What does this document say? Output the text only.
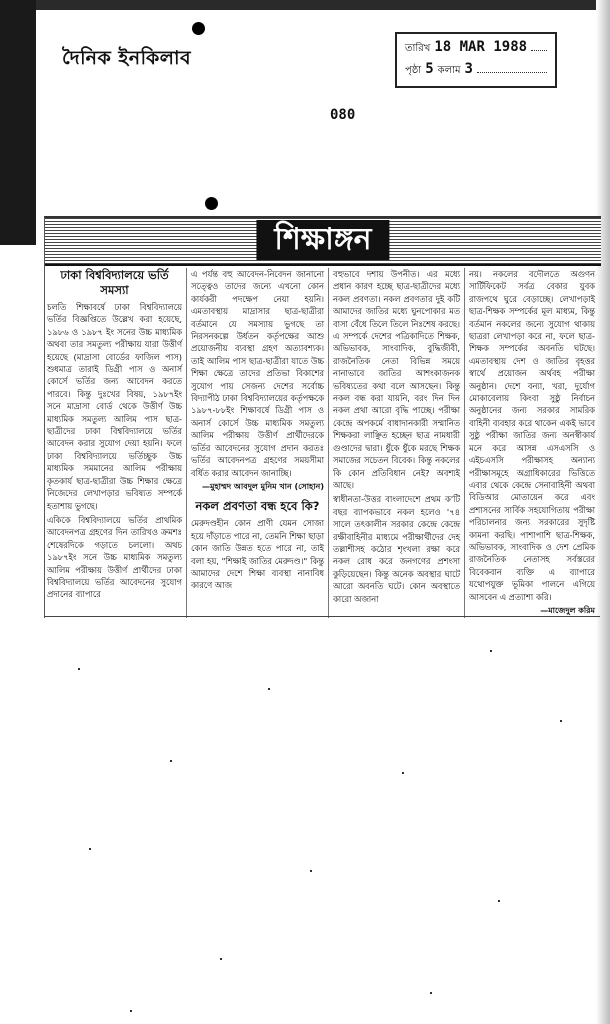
দৈনিক ইনকিলাব	তারিখ 18 MAR 1988
পৃষ্ঠা 5 কলাম 3
080
শিক্ষাঙ্গন
ঢাকা বিশ্ববিদ্যালয়ে ভর্তি সমস্যা

চলতি শিক্ষাবর্ষে ঢাকা বিশ্ববিদ্যালয়ে ভর্তির বিজ্ঞপ্তিতে উল্লেখ করা হয়েছে, ১৯৮৬ ও ১৯৮৭ ইং সনের উচ্চ মাধ্যমিক অথবা তার সমতুল্য পরীক্ষায় যারা উত্তীর্ণ হয়েছে (মাদ্রাসা বোর্ডের ফাজিল পাস) শুধমাত্র তারাই ডিগ্রী পাস ও অনার্স কোর্সে ভর্তির জন্য আবেদন করতে পারবে। কিন্তু দুঃখের বিষয়, ১৯৮৭ইং সনে মাদ্রাসা বোর্ড থেকে উত্তীর্ণ উচ্চ মাধ্যমিক সমতুল্য আলিম পাস ছাত্র-ছাত্রীদের ঢাকা বিশ্ববিদ্যালয়ে ভর্তির আবেদন করার সুযোগ দেয়া হয়নি। ফলে ঢাকা বিশ্ববিদ্যালয়ে ভর্তিচ্ছুক উচ্চ মাধ্যমিক সমমানের আলিম পরীক্ষায় কৃতকার্য ছাত্র-ছাত্রীরা উচ্চ শিক্ষার ক্ষেত্রে নিজেদের লেখাপড়ার ভবিষ্যত সম্পর্কে হতাশায় ভুগছে।

একিকে বিশ্ববিদ্যালয়ে ভর্তির প্রাথমিক আবেদনপত্র গ্রহণের দিন তারিখও ক্রমশঃ শেষেরদিকে গড়াতে চললো। অথচ ১৯৮৭ইং সনে উচ্চ মাধ্যমিক সমতুল্য আলিম পরীক্ষায় উত্তীর্ণ প্রার্থীদের ঢাকা বিশ্ববিদ্যালয়ে ভর্তির আবেদনের সুযোগ প্রদানের ব্যাপারে

এ পর্যন্ত বহু আবেদন-নিবেদন জানানো সত্ত্বেও তাদের জন্যে এখনো কোন কার্যকরী পদক্ষেপ নেয়া হয়নি। এমতাবস্থায় মাদ্রাসার ছাত্র-ছাত্রীরা বর্তমানে যে সমস্যায় ভুগছে তা নিরসনকল্পে উর্ধতন কর্তৃপক্ষের আশু প্রয়োজনীয় ব্যবস্থা গ্রহণ অত্যাবশ্যক। তাই আলিম পাস ছাত্র-ছাত্রীরা যাতে উচ্চ শিক্ষা ক্ষেত্রে তাদের প্রতিভা বিকাশের সুযোগ পায় সেজন্য দেশের সর্বোচ্চ বিদ্যাপীঠ ঢাকা বিশ্ববিদ্যালয়ের কর্তৃপক্ষকে ১৯৮৭-৮৮ইং শিক্ষাবর্ষে ডিগ্রী পাস ও অনার্স কোর্সে উচ্চ মাধ্যমিক সমতুল্য আলিম পরীক্ষায় উত্তীর্ণ প্রার্থীদেরকে ভর্তির আবেদনের সুযোগ প্রদান করতঃ ভর্তির আবেদনপত্র গ্রহণের সময়সীমা বর্ধিত করার আবেদন জানাচ্ছি।

—মুহাম্মদ আবদুল মুনিম খান (সোহান)
নকল প্রবণতা বন্ধ হবে কি?

মেরুদণ্ডহীন কোন প্রাণী যেমন সোজা হয়ে দাঁড়াতে পারে না, তেমনি শিক্ষা ছাড়া কোন জাতি উন্নত হতে পারে না, তাই বলা হয়, "শিক্ষাই জাতির মেরুদণ্ড।" কিন্তু আমাদের দেশে শিক্ষা ব্যবস্থা নানাবিধ কারণে আজ

বহুভাবে দশায় উপনীত। এর মধ্যে প্রধান কারণ হচ্ছে ছাত্র-ছাত্রীদের মধ্যে নকল প্রবণতা। নকল প্রবণতার দুই কটি আমাদের জাতির মধ্যে ঘুনপোকার মত বাসা বেঁধে তিলে তিলে নিঃশেষ করছে। এ সম্পর্কে দেশের পত্রিকাদিতে শিক্ষক, অভিভাবক, সাংবাদিক, বুদ্ধিজীবী, রাজনৈতিক নেতা বিভিন্ন সময়ে নানাভাবে জাতির আশংকাজনক ভবিষ্যতের কথা বলে আসছেন। কিন্তু নকল বন্ধ করা যায়নি, বরং দিন দিন নকল প্রথা আরো বৃদ্ধি পাচ্ছে। পরীক্ষা কেন্দ্রে অপকর্মে বাধাদানকারী সম্মানিত শিক্ষকরা লাঞ্ছিত হচ্ছেন ছাত্র নামধারী গুণ্ডাদের দ্বারা। ধুঁকে ধুঁকে মরছে শিক্ষক সমাজের সচেতন বিবেক। কিন্তু নকলের কি কোন প্রতিবিধান নেই? অবশ্যই আছে।

স্বাধীনতা-উত্তর বাংলাদেশে প্রথম ক'টি বছর ব্যাপকভাবে নকল হলেও '৭৪ সালে তৎকালীন সরকার কেন্দ্রে কেন্দ্রে রক্ষীবাহিনীর মাধ্যমে পরীক্ষার্থীদের দেহ তল্লাশীসহ কঠোর শৃংখলা রক্ষা করে নকল রোধ করে জনগণের প্রশংসা কুড়িয়েছেন। কিন্তু অনেক অবস্থার ঘাটে আরো অবনতি ঘটে। কোন অবস্থাতে কারো অজানা

নয়। নকলের বদৌলতে অগুণন সার্টিফিকেট সর্বত্র বেকার যুবক রাজপথে ঘুরে বেড়াচ্ছে। লেখাপড়াই ছাত্র-শিক্ষক সম্পর্কের মূল মাধ্যম, কিন্তু বর্তমান নকলের জন্যে সুযোগ থাকায় ছাত্ররা লেখাপড়া করে না, ফলে ছাত্র-শিক্ষক সম্পর্কের অবনতি ঘটছে। এমতাবস্থায় দেশ ও জাতির বৃহত্তর স্বার্থে প্রয়োজন অর্থবহ পরীক্ষা অনুষ্ঠান। দেশে বন্যা, খরা, দুর্যোগ মোকাবেলায় কিংবা সুষ্ঠু নির্বাচন অনুষ্ঠানের জন্য সরকার সামরিক বাহিনী ব্যবহার করে থাকেন একই ভাবে সুষ্ঠু পরীক্ষা জাতির জন্য অনস্বীকার্য মনে করে আসন্ন এসএসসি ও এইচএসসি পরীক্ষাসহ অন্যান্য পরীক্ষাসমূহে অগ্রাধিকারের ভিত্তিতে এবার থেকে কেন্দ্রে সেনাবাহিনী অথবা বিডিআর মোতায়েন করে এবং প্রশাসনের সার্বিক সহযোগিতায় পরীক্ষা পরিচালনার জন্য সরকারের সুদৃষ্টি কামনা করছি। পাশাপাশি ছাত্র-শিক্ষক, অভিভাবক, সাংবাদিক ও দেশ প্রেমিক রাজনৈতিক নেতাসহ সর্বস্তরের বিবেকবান ব্যক্তি এ ব্যাপারে যথোপযুক্ত ভূমিকা পালনে এগিয়ে আসবেন এ প্রত্যাশা করি।

—মাজেদুল করিম
